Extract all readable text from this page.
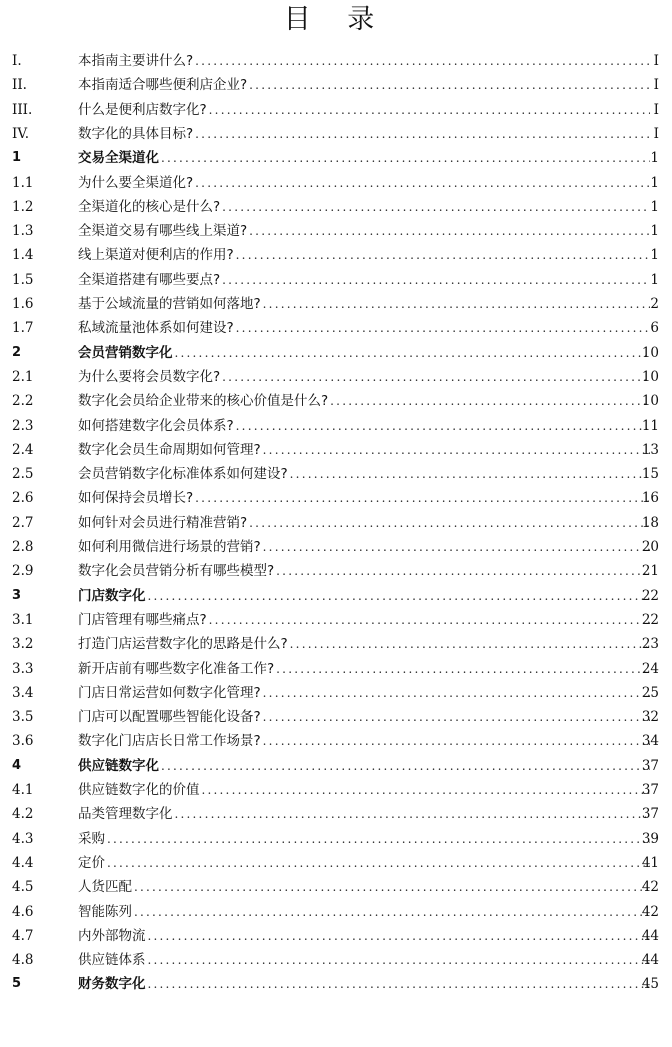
目 录
I.	本指南主要讲什么? .....	I
II.	本指南适合哪些便利店企业? .....	I
III.	什么是便利店数字化? .....	I
IV.	数字化的具体目标? .....	I
1	交易全渠道化 .....	1
1.1	为什么要全渠道化? .....	1
1.2	全渠道化的核心是什么? .....	1
1.3	全渠道交易有哪些线上渠道? .....	1
1.4	线上渠道对便利店的作用? .....	1
1.5	全渠道搭建有哪些要点? .....	1
1.6	基于公域流量的营销如何落地? .....	2
1.7	私域流量池体系如何建设? .....	6
2	会员营销数字化 .....	10
2.1	为什么要将会员数字化? .....	10
2.2	数字化会员给企业带来的核心价值是什么? .....	10
2.3	如何搭建数字化会员体系? .....	11
2.4	数字化会员生命周期如何管理? .....	13
2.5	会员营销数字化标准体系如何建设? .....	15
2.6	如何保持会员增长? .....	16
2.7	如何针对会员进行精准营销? .....	18
2.8	如何利用微信进行场景的营销? .....	20
2.9	数字化会员营销分析有哪些模型? .....	21
3	门店数字化 .....	22
3.1	门店管理有哪些痛点? .....	22
3.2	打造门店运营数字化的思路是什么? .....	23
3.3	新开店前有哪些数字化准备工作? .....	24
3.4	门店日常运营如何数字化管理? .....	25
3.5	门店可以配置哪些智能化设备? .....	32
3.6	数字化门店店长日常工作场景? .....	34
4	供应链数字化 .....	37
4.1	供应链数字化的价值 .....	37
4.2	品类管理数字化 .....	37
4.3	采购 .....	39
4.4	定价 .....	41
4.5	人货匹配 .....	42
4.6	智能陈列 .....	42
4.7	内外部物流 .....	44
4.8	供应链体系 .....	44
5	财务数字化 .....	45
